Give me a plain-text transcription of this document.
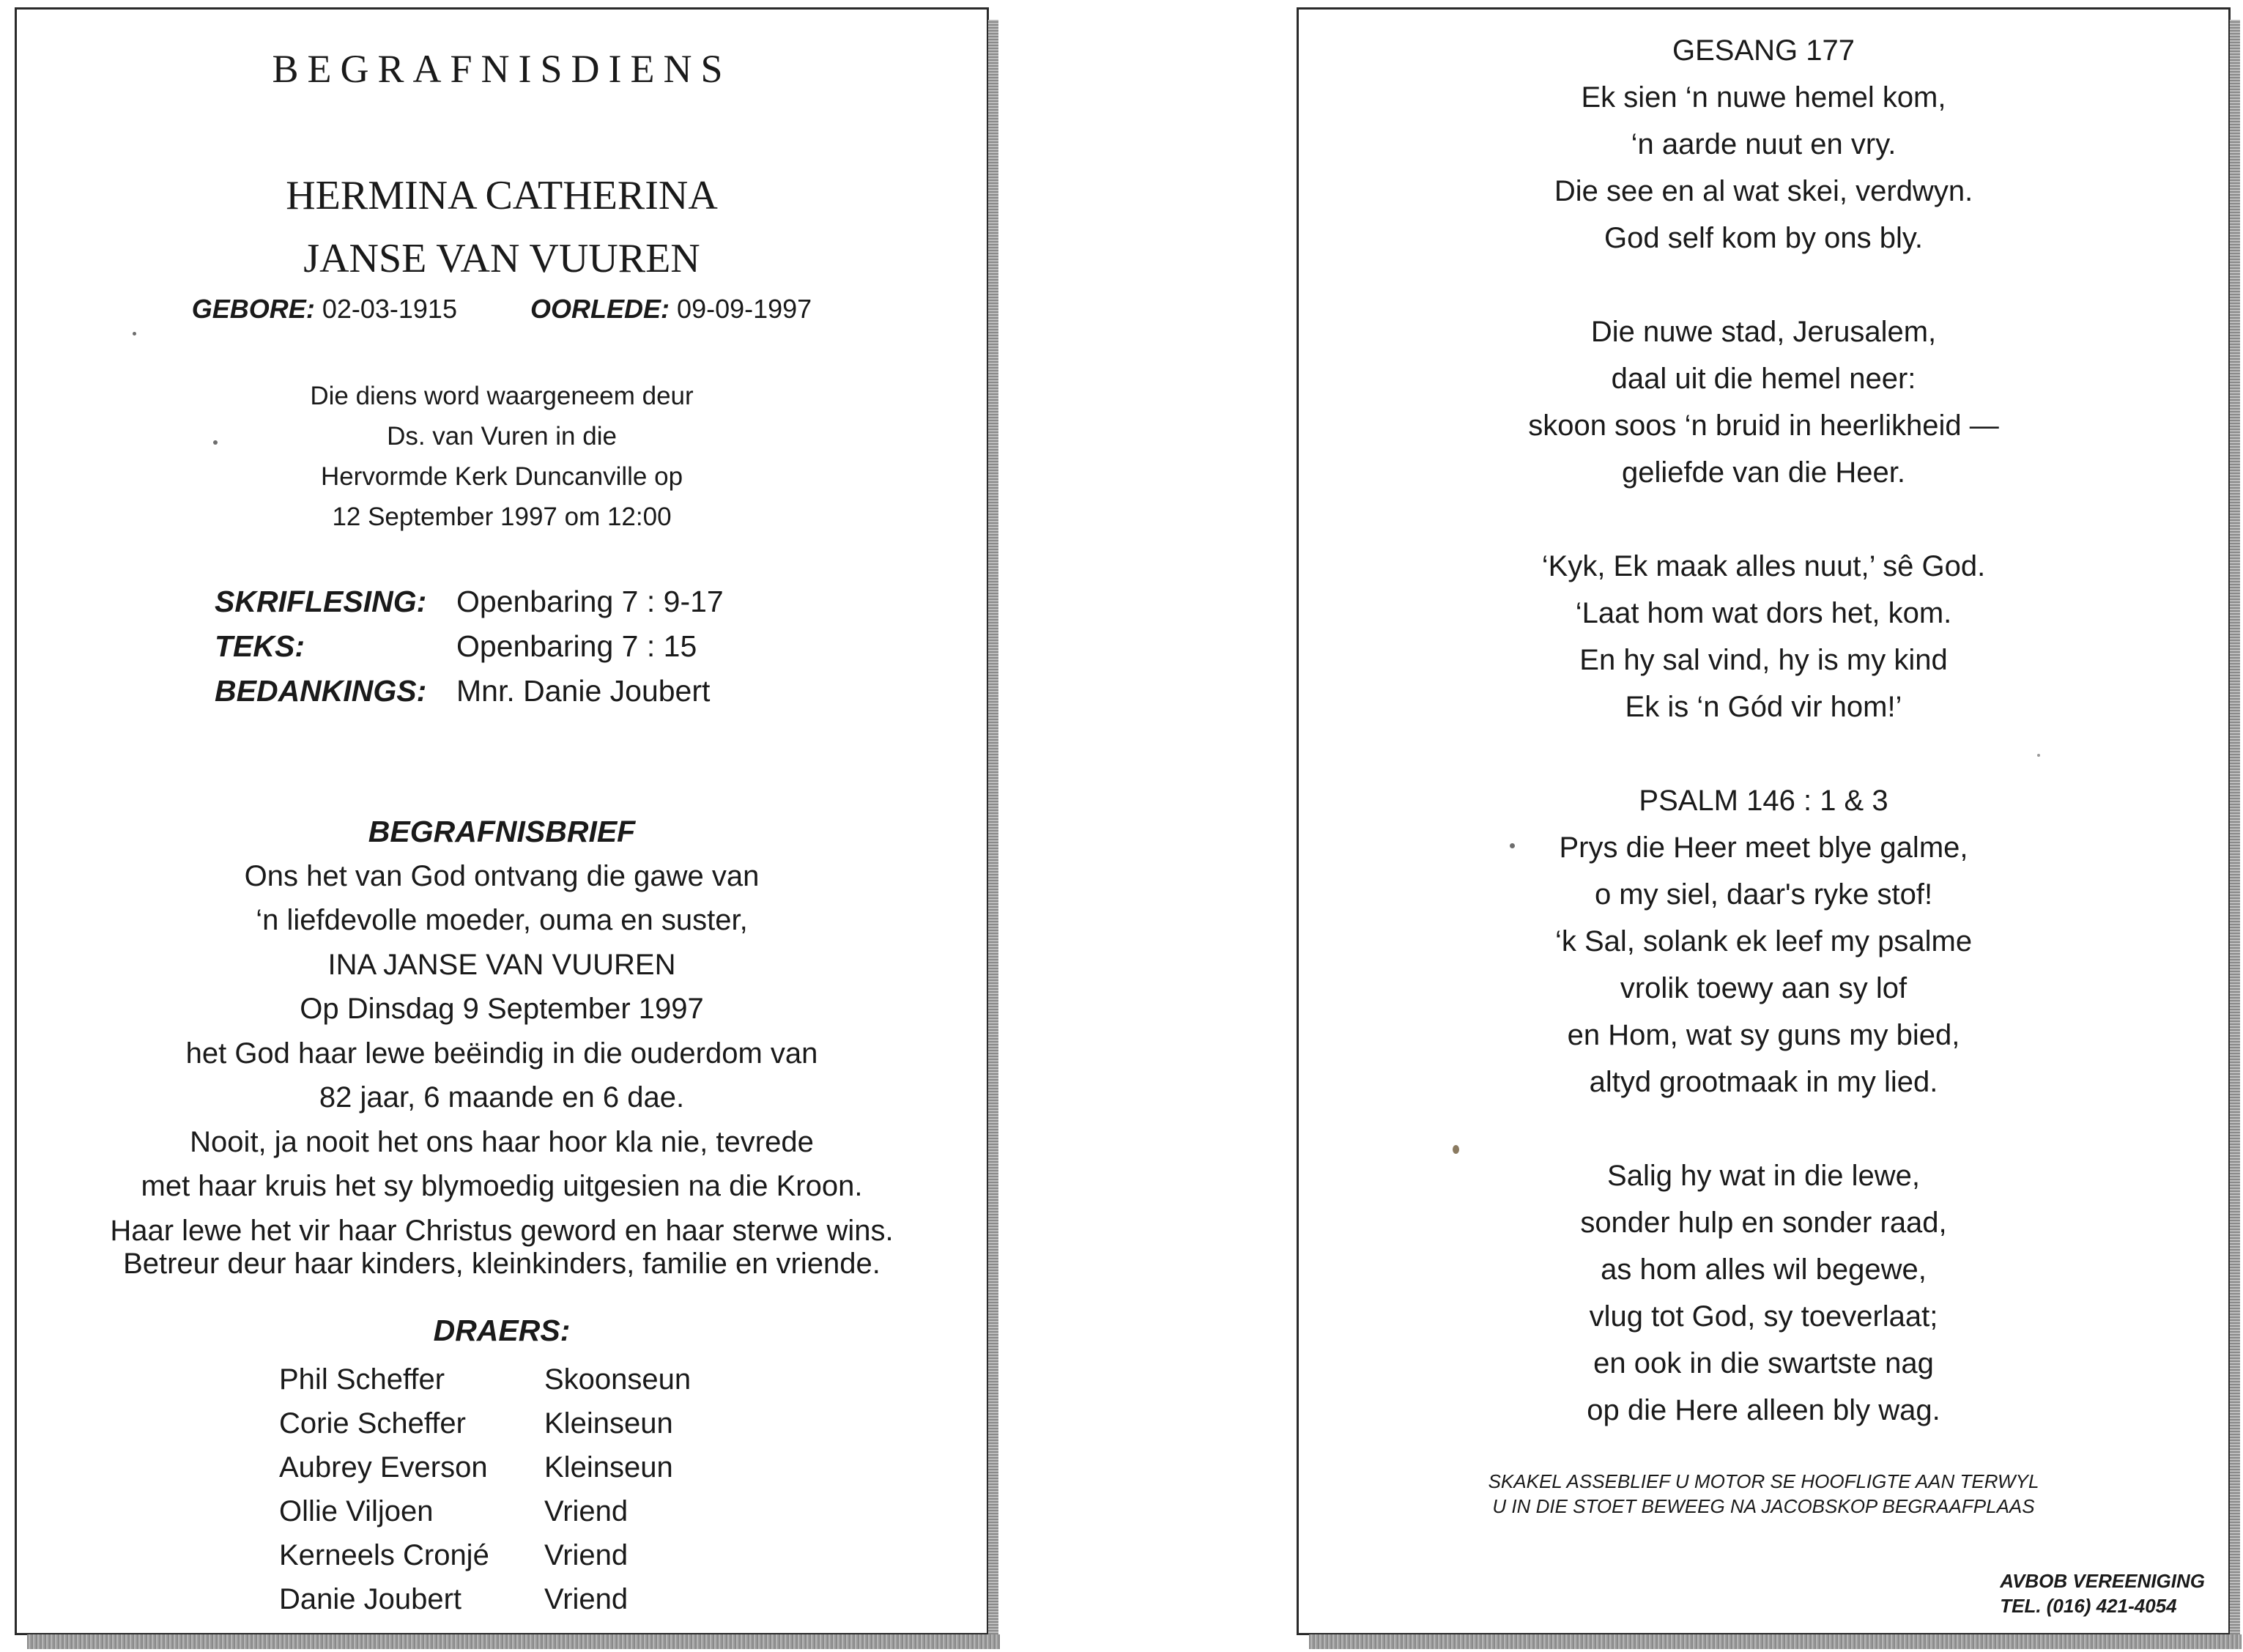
BEGRAFNISDIENS
HERMINA CATHERINA
JANSE VAN VUUREN
GEBORE: 02-03-1915	OORLEDE: 09-09-1997
Die diens word waargeneem deur
Ds. van Vuren in die
Hervormde Kerk Duncanville op
12 September 1997 om 12:00
SKRIFLESING: Openbaring 7 : 9-17
TEKS:	Openbaring 7 : 15
BEDANKINGS: Mnr. Danie Joubert
BEGRAFNISBRIEF
Ons het van God ontvang die gawe van
‘n liefdevolle moeder, ouma en suster,
INA JANSE VAN VUUREN
Op Dinsdag 9 September 1997
het God haar lewe beëindig in die ouderdom van
82 jaar, 6 maande en 6 dae.
Nooit, ja nooit het ons haar hoor kla nie, tevrede
met haar kruis het sy blymoedig uitgesien na die Kroon.
Haar lewe het vir haar Christus geword en haar sterwe wins.
Betreur deur haar kinders, kleinkinders, familie en vriende.
DRAERS:
Phil Scheffer	Skoonseun
Corie Scheffer	Kleinseun
Aubrey Everson	Kleinseun
Ollie Viljoen	Vriend
Kerneels Cronjé	Vriend
Danie Joubert	Vriend
GESANG 177
Ek sien ‘n nuwe hemel kom,
‘n aarde nuut en vry.
Die see en al wat skei, verdwyn.
God self kom by ons bly.
Die nuwe stad, Jerusalem,
daal uit die hemel neer:
skoon soos ‘n bruid in heerlikheid —
geliefde van die Heer.
‘Kyk, Ek maak alles nuut,’ sê God.
‘Laat hom wat dors het, kom.
En hy sal vind, hy is my kind
Ek is ‘n Gód vir hom!’
PSALM 146 : 1 & 3
Prys die Heer meet blye galme,
o my siel, daar's ryke stof!
‘k Sal, solank ek leef my psalme
vrolik toewy aan sy lof
en Hom, wat sy guns my bied,
altyd grootmaak in my lied.
Salig hy wat in die lewe,
sonder hulp en sonder raad,
as hom alles wil begewe,
vlug tot God, sy toeverlaat;
en ook in die swartste nag
op die Here alleen bly wag.
SKAKEL ASSEBLIEF U MOTOR SE HOOFLIGTE AAN TERWYL
U IN DIE STOET BEWEEG NA JACOBSKOP BEGRAAFPLAAS
AVBOB VEREENIGING
TEL. (016) 421-4054
